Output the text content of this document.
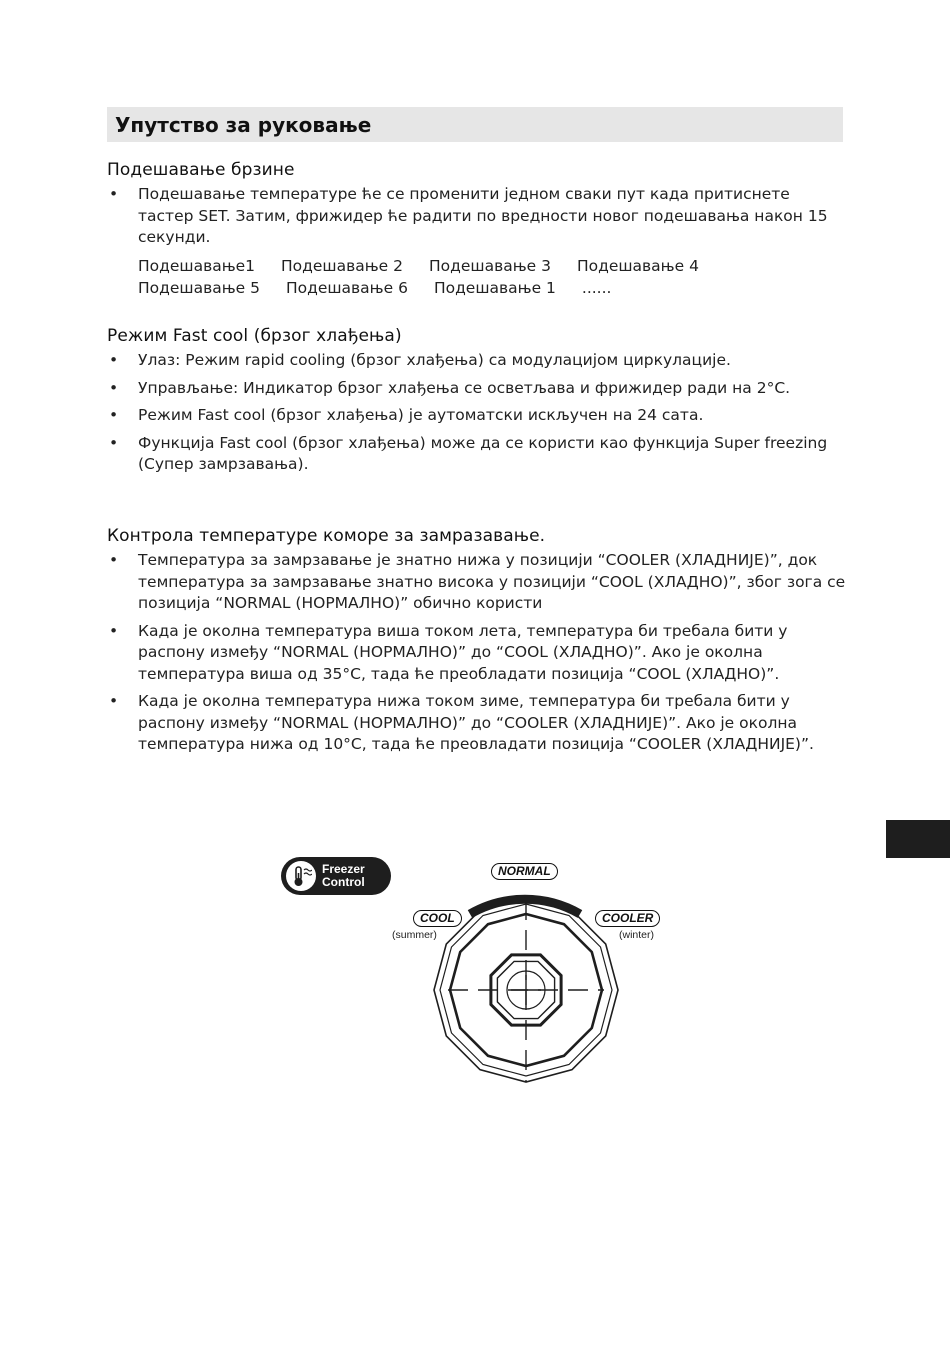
Упутство за руковање
Подешавање брзине
• Подешавање температуре ће се променити једном сваки пут када притиснете тастер SET. Затим, фрижидер ће радити по вредности новог подешавања након 15 секунди.
Подешавање1 Подешавање 2 Подешавање 3 Подешавање 4
Подешавање 5 Подешавање 6 Подешавање 1 ......
Режим Fast cool (брзог хлађења)
• Улаз: Режим rapid cooling (брзог хлађења) са модулацијом циркулације.
• Управљање: Индикатор брзог хлађења се осветљава и фрижидер ради на 2°C.
• Режим Fast cool (брзог хлађења) је аутоматски искључен на 24 сата.
• Функција Fast cool (брзог хлађења) може да се користи као функција Super freezing (Супер замрзавања).
Контрола температуре коморе за замразавање.
• Температура за замрзавање је знатно нижа у позицији “COOLER (ХЛАДНИЈЕ)”, док температура за замрзавање знатно висока у позицији “COOL (ХЛАДНО)”, због зога се позиција “NORMAL (НОРМАЛНО)” обично користи
• Када је околна температура виша током лета, температура би требала бити у распону између “NORMAL (НОРМАЛНО)” до “COOL (ХЛАДНО)”. Ако је околна температура виша од 35°C, тада ће преобладати позиција “COOL (ХЛАДНО)”.
• Када је околна температура нижа током зиме, температура би требала бити у распону између “NORMAL (НОРМАЛНО)” до “COOLER (ХЛАДНИЈЕ)”. Ако је околна температура нижа од 10°C, тада ће преовладати позиција “COOLER (ХЛАДНИЈЕ)”.
Freezer
Control
NORMAL
COOL
(summer)
COOLER
(winter)
